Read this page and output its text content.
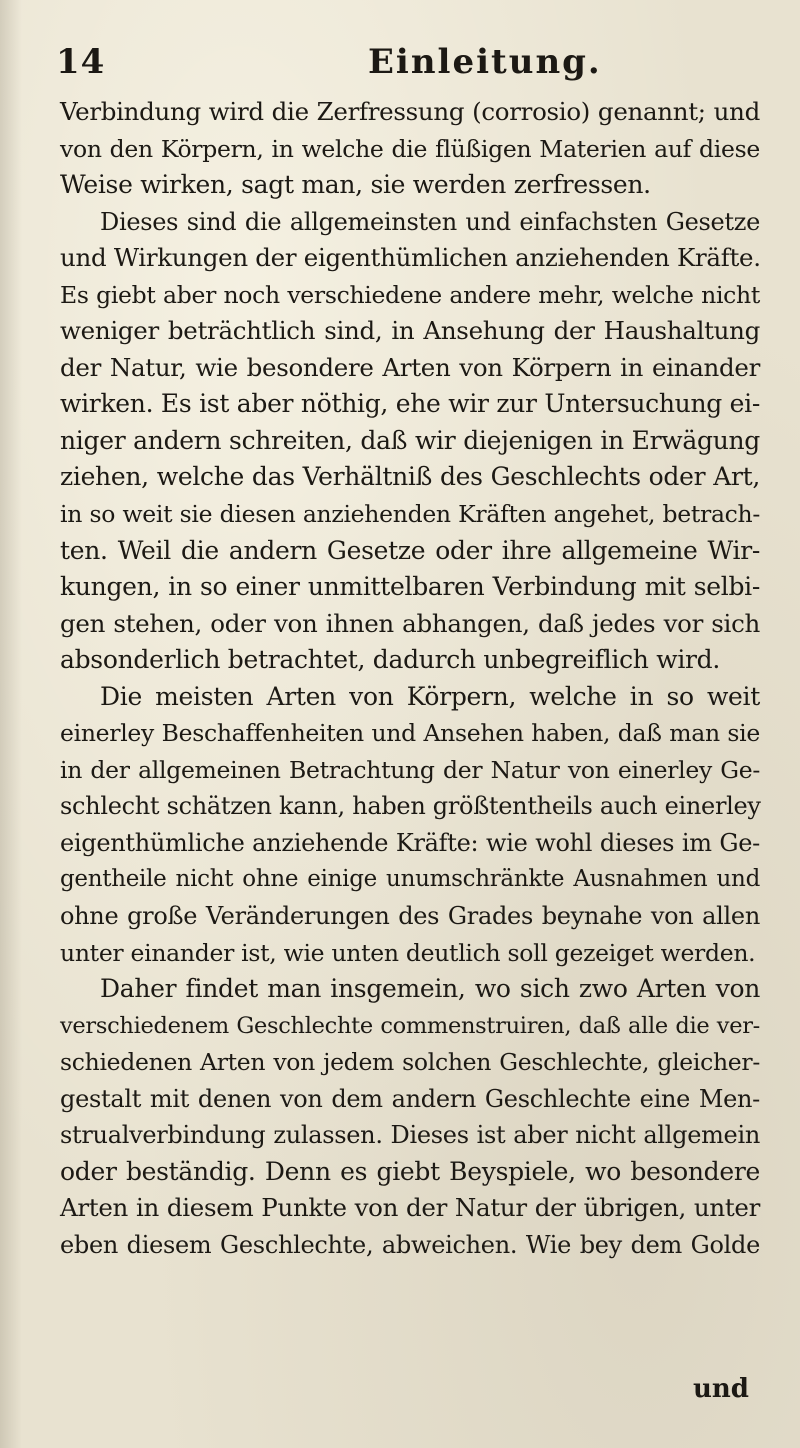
14	Einleitung.
Verbindung wird die Zerfressung (corrosio) genannt; und
von den Körpern, in welche die flüßigen Materien auf diese
Weise wirken, sagt man, sie werden zerfressen.
Dieses sind die allgemeinsten und einfachsten Gesetze
und Wirkungen der eigenthümlichen anziehenden Kräfte.
Es giebt aber noch verschiedene andere mehr, welche nicht
weniger beträchtlich sind, in Ansehung der Haushaltung
der Natur, wie besondere Arten von Körpern in einander
wirken. Es ist aber nöthig, ehe wir zur Untersuchung ei-
niger andern schreiten, daß wir diejenigen in Erwägung
ziehen, welche das Verhältniß des Geschlechts oder Art,
in so weit sie diesen anziehenden Kräften angehet, betrach-
ten. Weil die andern Gesetze oder ihre allgemeine Wir-
kungen, in so einer unmittelbaren Verbindung mit selbi-
gen stehen, oder von ihnen abhangen, daß jedes vor sich
absonderlich betrachtet, dadurch unbegreiflich wird.
Die meisten Arten von Körpern, welche in so weit
einerley Beschaffenheiten und Ansehen haben, daß man sie
in der allgemeinen Betrachtung der Natur von einerley Ge-
schlecht schätzen kann, haben größtentheils auch einerley
eigenthümliche anziehende Kräfte: wie wohl dieses im Ge-
gentheile nicht ohne einige unumschränkte Ausnahmen und
ohne große Veränderungen des Grades beynahe von allen
unter einander ist, wie unten deutlich soll gezeiget werden.
Daher findet man insgemein, wo sich zwo Arten von
verschiedenem Geschlechte commenstruiren, daß alle die ver-
schiedenen Arten von jedem solchen Geschlechte, gleicher-
gestalt mit denen von dem andern Geschlechte eine Men-
strualverbindung zulassen. Dieses ist aber nicht allgemein
oder beständig. Denn es giebt Beyspiele, wo besondere
Arten in diesem Punkte von der Natur der übrigen, unter
eben diesem Geschlechte, abweichen. Wie bey dem Golde
und
